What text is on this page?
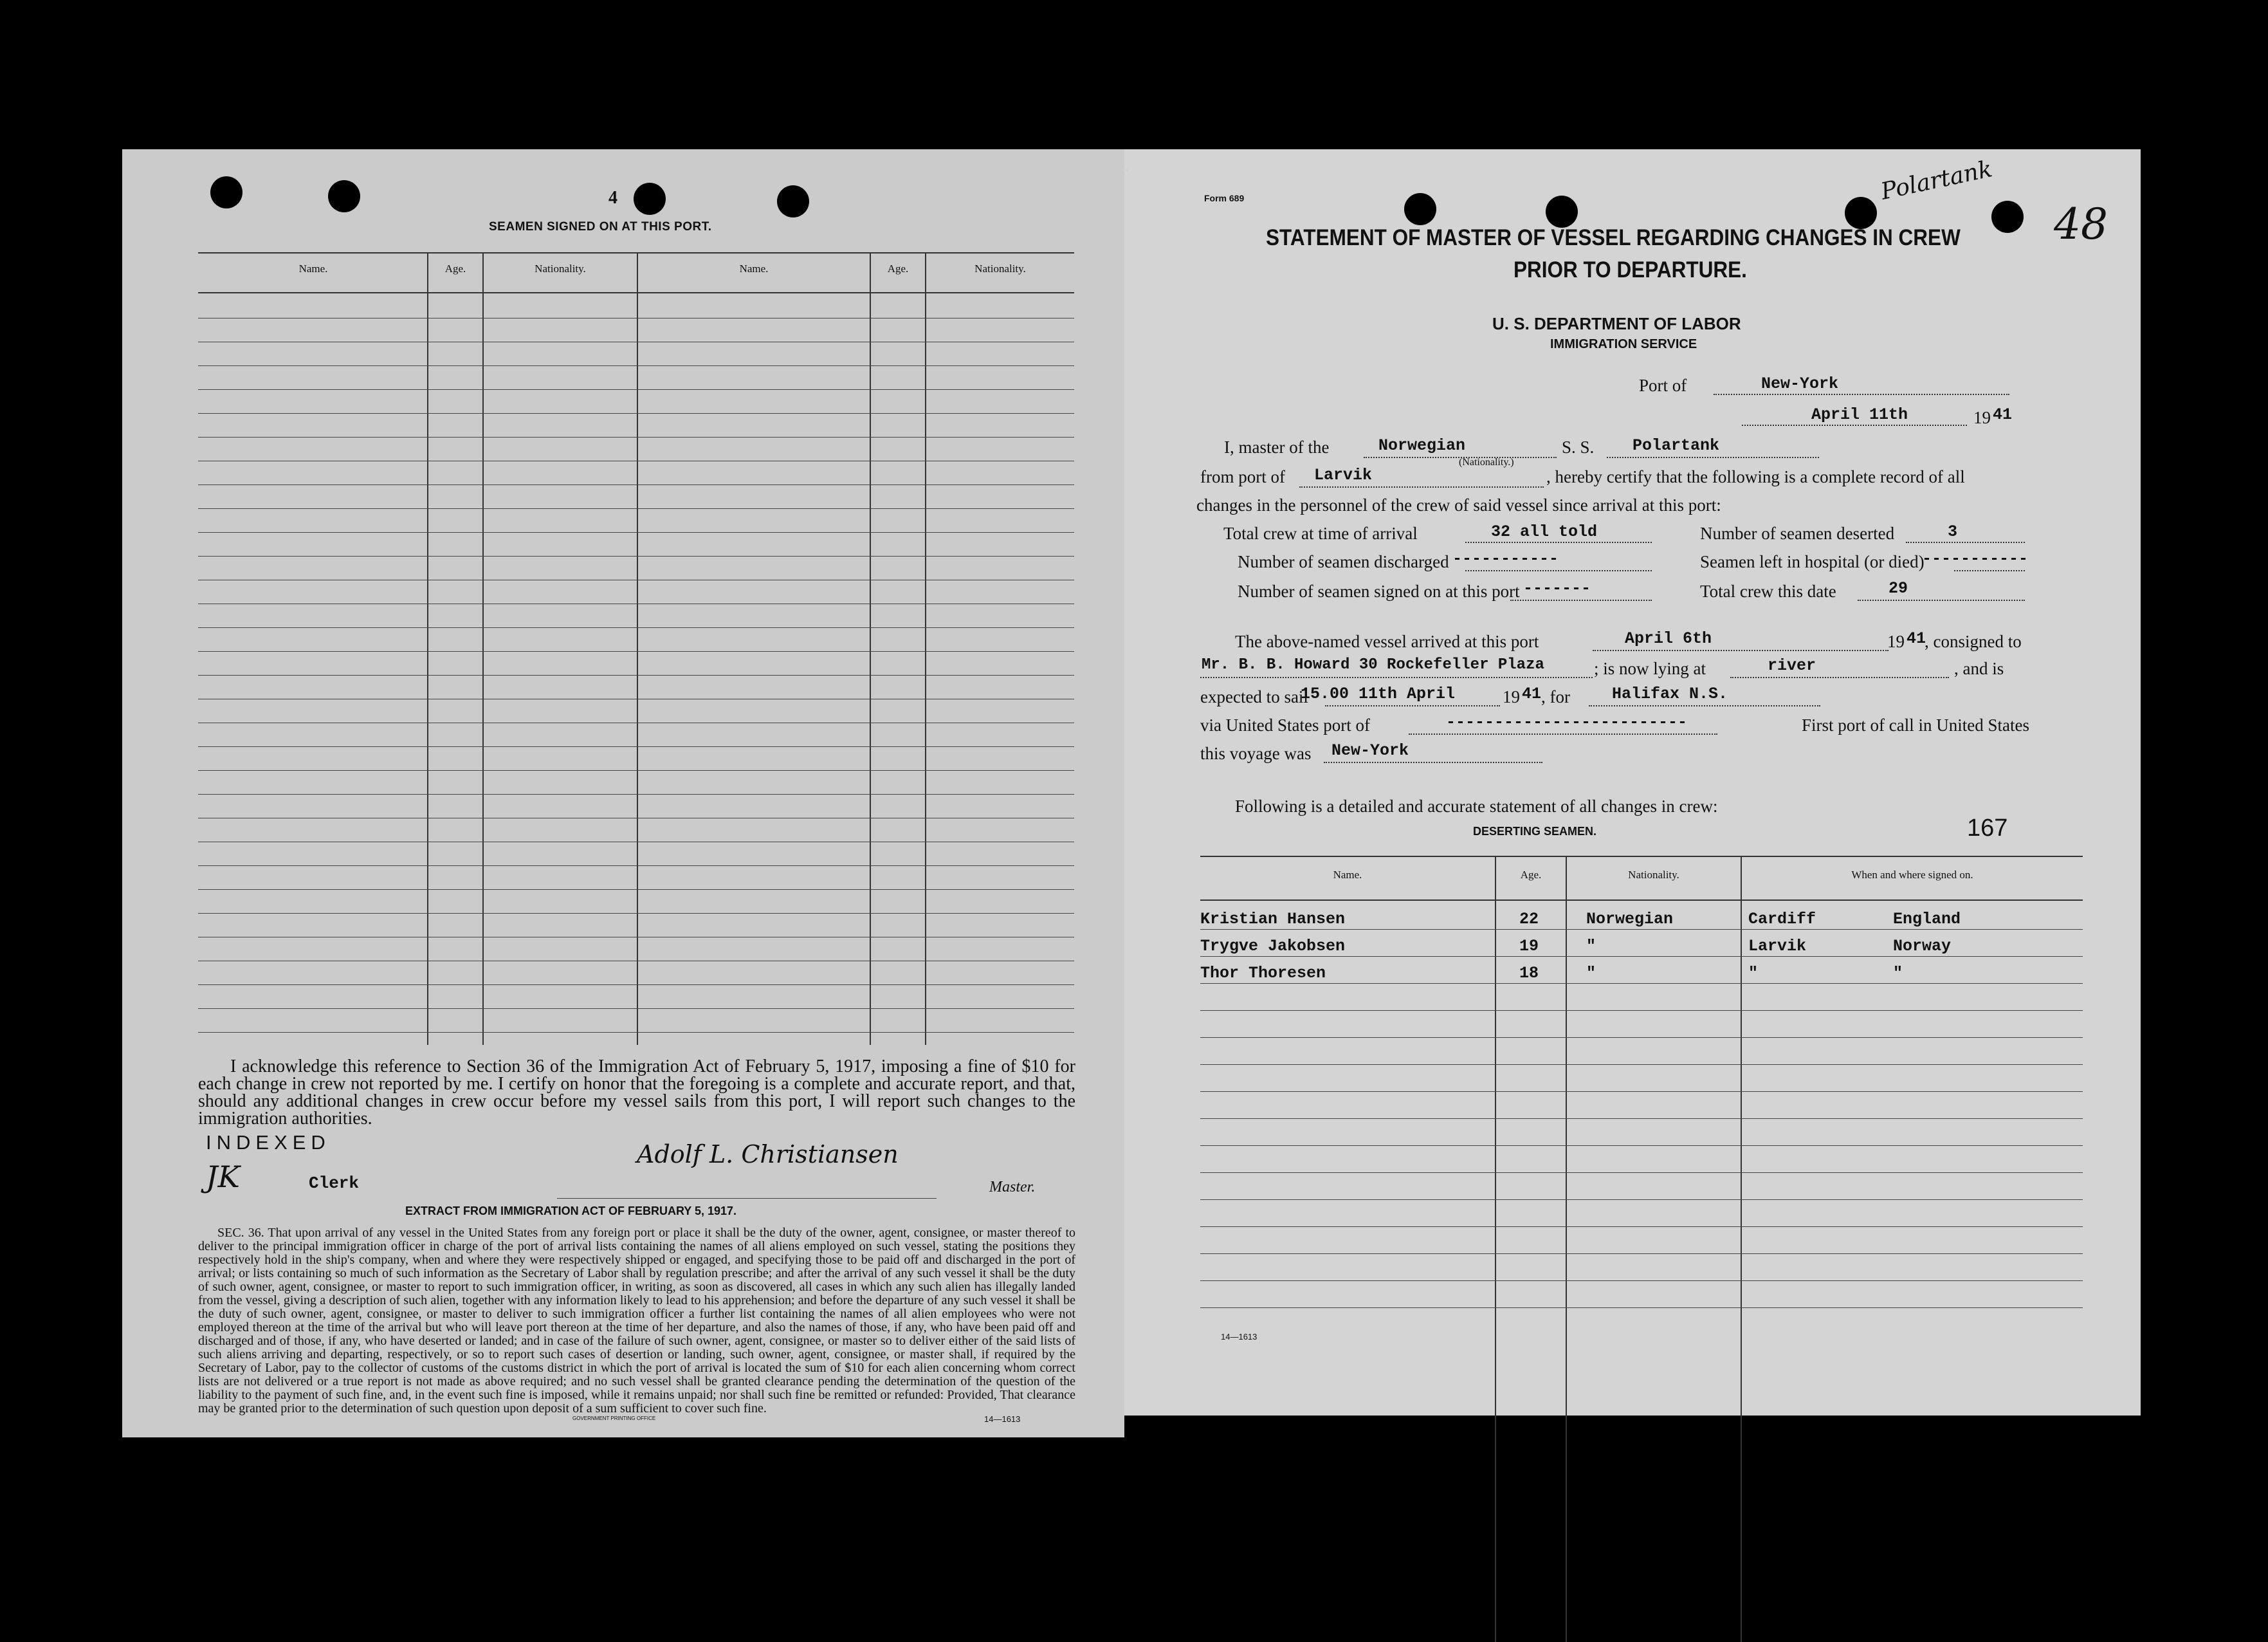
4
SEAMEN SIGNED ON AT THIS PORT.
Name.	Age.	Nationality.	Name.	Age.	Nationality.
I acknowledge this reference to Section 36 of the Immigration Act of February 5, 1917, imposing a fine of $10 for each change in crew not reported by me. I certify on honor that the foregoing is a complete and accurate report, and that, should any additional changes in crew occur before my vessel sails from this port, I will report such changes to the immigration authorities.
INDEXED
JK	Clerk
Adolf L. Christiansen
Master.
EXTRACT FROM IMMIGRATION ACT OF FEBRUARY 5, 1917.
SEC. 36. That upon arrival of any vessel in the United States from any foreign port or place it shall be the duty of the owner, agent, consignee, or master thereof to deliver to the principal immigration officer in charge of the port of arrival lists containing the names of all aliens employed on such vessel, stating the positions they respectively hold in the ship's company, when and where they were respectively shipped or engaged, and specifying those to be paid off and discharged in the port of arrival; or lists containing so much of such information as the Secretary of Labor shall by regulation prescribe; and after the arrival of any such vessel it shall be the duty of such owner, agent, consignee, or master to report to such immigration officer, in writing, as soon as discovered, all cases in which any such alien has illegally landed from the vessel, giving a description of such alien, together with any information likely to lead to his apprehension; and before the departure of any such vessel it shall be the duty of such owner, agent, consignee, or master to deliver to such immigration officer a further list containing the names of all alien employees who were not employed thereon at the time of the arrival but who will leave port thereon at the time of her departure, and also the names of those, if any, who have been paid off and discharged and of those, if any, who have deserted or landed; and in case of the failure of such owner, agent, consignee, or master so to deliver either of the said lists of such aliens arriving and departing, respectively, or so to report such cases of desertion or landing, such owner, agent, consignee, or master shall, if required by the Secretary of Labor, pay to the collector of customs of the customs district in which the port of arrival is located the sum of $10 for each alien concerning whom correct lists are not delivered or a true report is not made as above required; and no such vessel shall be granted clearance pending the determination of the question of the liability to the payment of such fine, and, in the event such fine is imposed, while it remains unpaid; nor shall such fine be remitted or refunded: Provided, That clearance may be granted prior to the determination of such question upon deposit of a sum sufficient to cover such fine.
GOVERNMENT PRINTING OFFICE	14—1613
Form 689	Polartank
48
STATEMENT OF MASTER OF VESSEL REGARDING CHANGES IN CREW
PRIOR TO DEPARTURE.
U. S. DEPARTMENT OF LABOR
IMMIGRATION SERVICE
Port of	New-York
April 11th	19 41
I, master of the	Norwegian
(Nationality.)
S. S. Polartank
from port of Larvik	, hereby certify that the following is a complete record of all
changes in the personnel of the crew of said vessel since arrival at this port:
Total crew at time of arrival	32 all told	Number of seamen deserted	3
Number of seamen discharged -----------	Seamen left in hospital (or died)
-----------
Number of seamen signed on at this port -------	Total crew this date	29
The above-named vessel arrived at this port	April 6th	19 41
, consigned to
Mr. B. B. Howard 30 Rockefeller Plaza	; is now lying at	river	, and is
expected to sail
15.00 11th April	19 41 , for	Halifax N.S.
via United States port of	-------------------------	First port of call in United States
this voyage was New-York
Following is a detailed and accurate statement of all changes in crew:
DESERTING SEAMEN.	167
Name.	Age.	Nationality.	When and where signed on.
Kristian Hansen	22	Norwegian	Cardiff	England
Trygve Jakobsen	19	"	Larvik	Norway
Thor Thoresen	18	"	"	"
14—1613
—·	··
